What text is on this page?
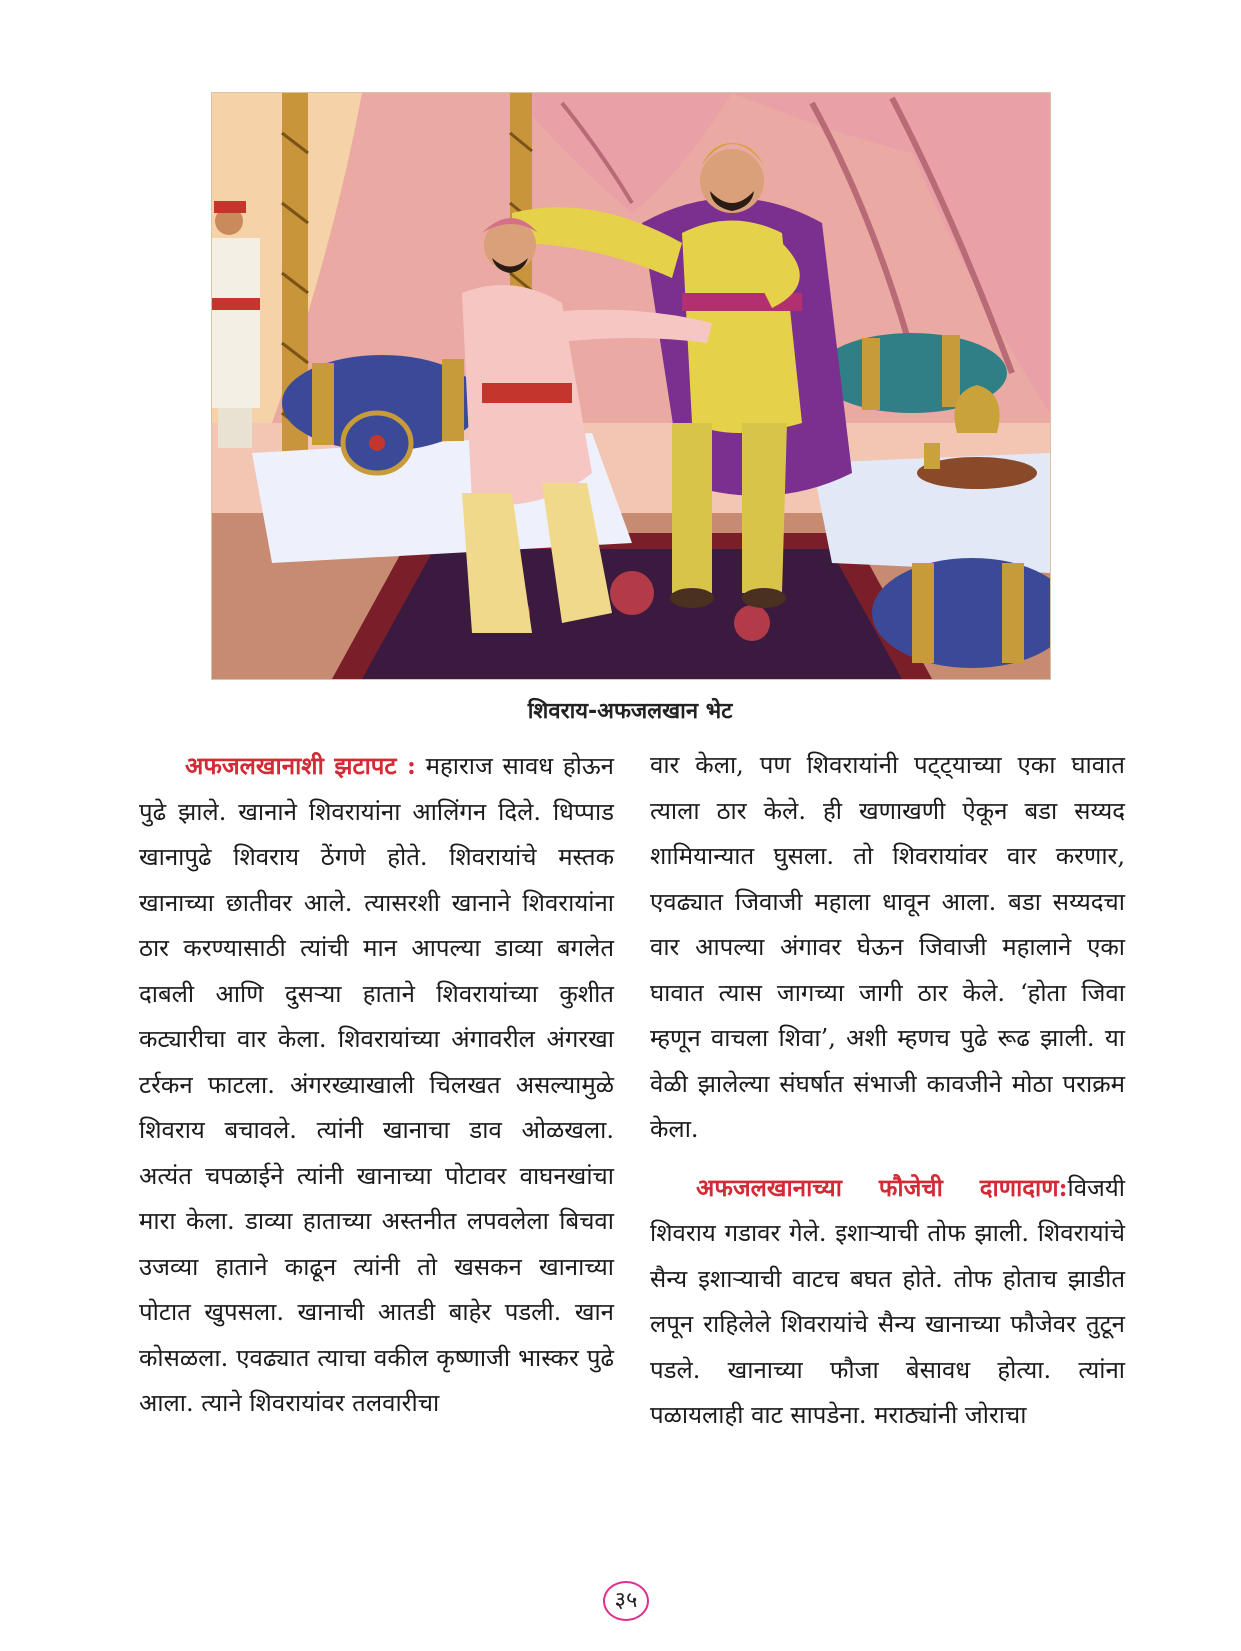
शिवराय-अफजलखान भेट

अफजलखानाशी झटापट : महाराज सावध होऊन पुढे झाले. खानाने शिवरायांना आलिंगन दिले. धिप्पाड खानापुढे शिवराय ठेंगणे होते. शिवरायांचे मस्तक खानाच्या छातीवर आले. त्यासरशी खानाने शिवरायांना ठार करण्यासाठी त्यांची मान आपल्या डाव्या बगलेत दाबली आणि दुसऱ्या हाताने शिवरायांच्या कुशीत कट्यारीचा वार केला. शिवरायांच्या अंगावरील अंगरखा टर्रकन फाटला. अंगरख्याखाली चिलखत असल्यामुळे शिवराय बचावले. त्यांनी खानाचा डाव ओळखला. अत्यंत चपळाईने त्यांनी खानाच्या पोटावर वाघनखांचा मारा केला. डाव्या हाताच्या अस्तनीत लपवलेला बिचवा उजव्या हाताने काढून त्यांनी तो खसकन खानाच्या पोटात खुपसला. खानाची आतडी बाहेर पडली. खान कोसळला. एवढ्यात त्याचा वकील कृष्णाजी भास्कर पुढे आला. त्याने शिवरायांवर तलवारीचा

वार केला, पण शिवरायांनी पट्ट्याच्या एका घावात त्याला ठार केले. ही खणाखणी ऐकून बडा सय्यद शामियान्यात घुसला. तो शिवरायांवर वार करणार, एवढ्यात जिवाजी महाला धावून आला. बडा सय्यदचा वार आपल्या अंगावर घेऊन जिवाजी महालाने एका घावात त्यास जागच्या जागी ठार केले. ‘होता जिवा म्हणून वाचला शिवा’, अशी म्हणच पुढे रूढ झाली. या वेळी झालेल्या संघर्षात संभाजी कावजीने मोठा पराक्रम केला.

अफजलखानाच्या फौजेची दाणादाण:विजयी शिवराय गडावर गेले. इशाऱ्याची तोफ झाली. शिवरायांचे सैन्य इशाऱ्याची वाटच बघत होते. तोफ होताच झाडीत लपून राहिलेले शिवरायांचे सैन्य खानाच्या फौजेवर तुटून पडले. खानाच्या फौजा बेसावध होत्या. त्यांना पळायलाही वाट सापडेना. मराठ्यांनी जोराचा

३५
